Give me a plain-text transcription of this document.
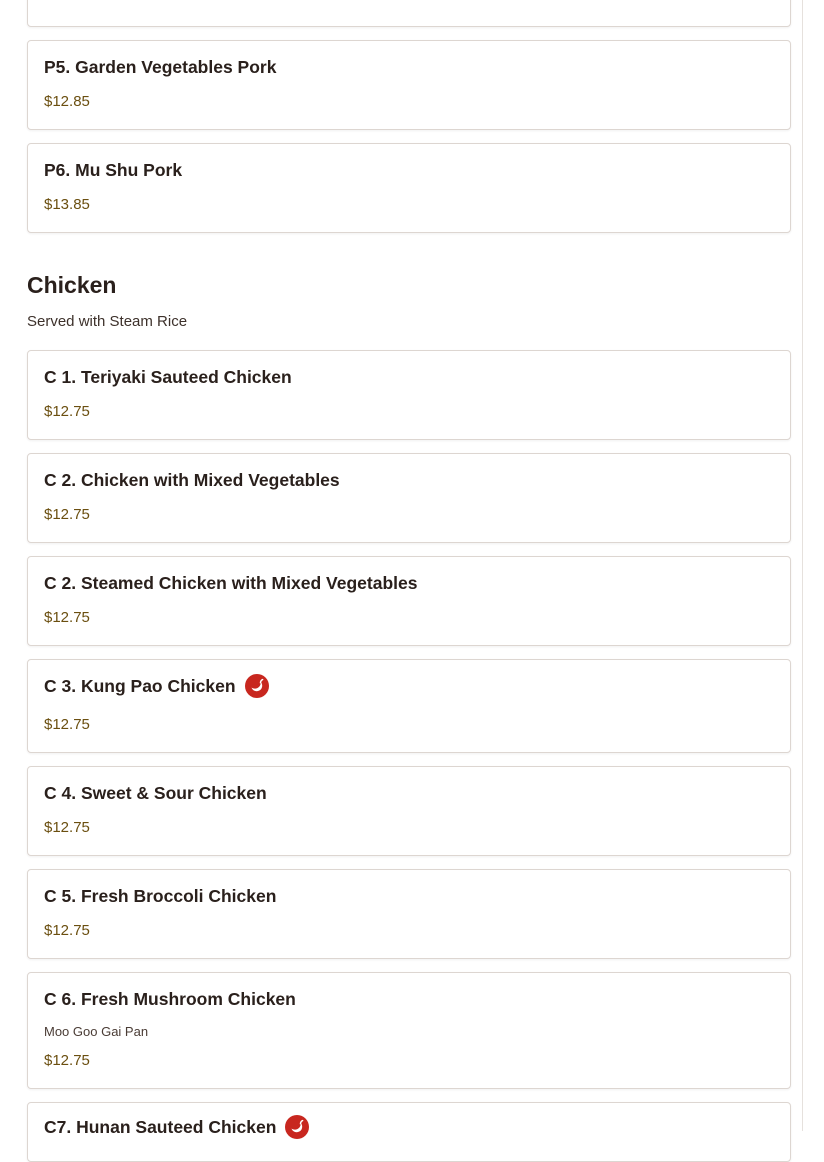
P5. Garden Vegetables Pork
$12.85
P6. Mu Shu Pork
$13.85
Chicken
Served with Steam Rice
C 1. Teriyaki Sauteed Chicken
$12.75
C 2. Chicken with Mixed Vegetables
$12.75
C 2. Steamed Chicken with Mixed Vegetables
$12.75
C 3. Kung Pao Chicken
$12.75
C 4. Sweet & Sour Chicken
$12.75
C 5. Fresh Broccoli Chicken
$12.75
C 6. Fresh Mushroom Chicken
Moo Goo Gai Pan
$12.75
C7. Hunan Sauteed Chicken
